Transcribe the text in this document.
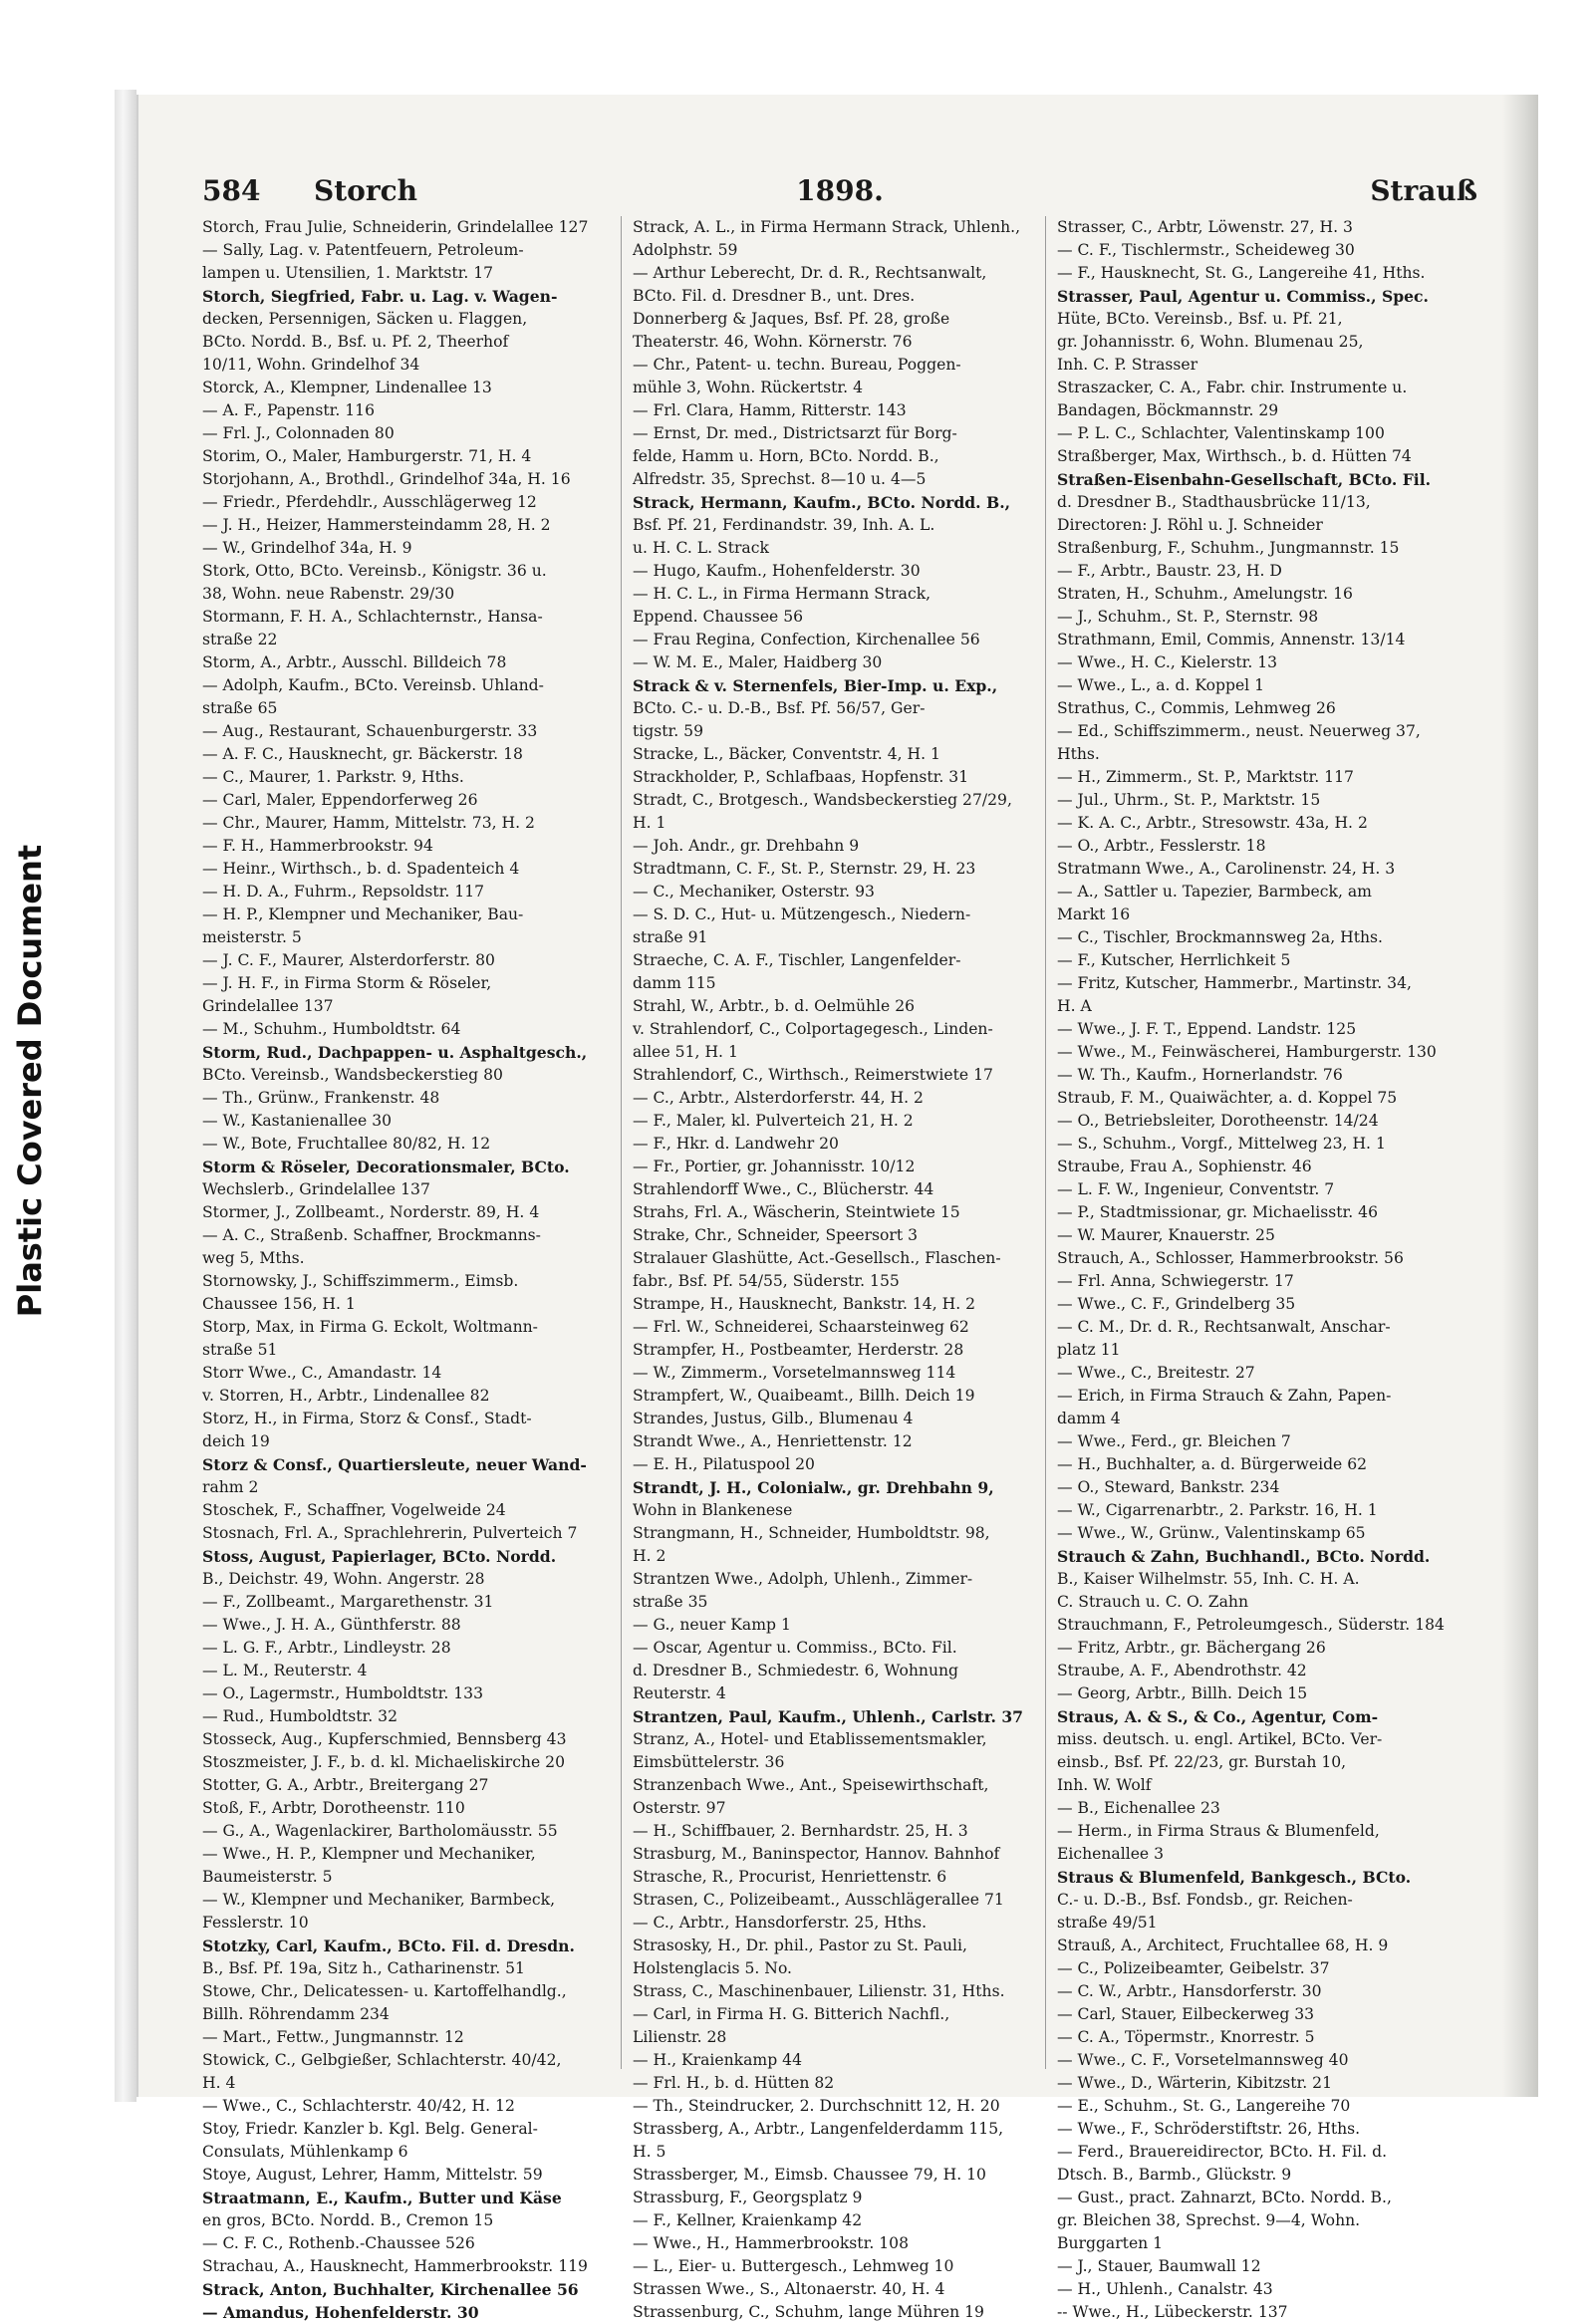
Plastic Covered Document
584 Storch	1898.	Strauß
Storch, Frau Julie, Schneiderin, Grindelallee 127
— Sally, Lag. v. Patentfeuern, Petroleum-
lampen u. Utensilien, 1. Marktstr. 17
Storch, Siegfried, Fabr. u. Lag. v. Wagen-
decken, Persennigen, Säcken u. Flaggen,
BCto. Nordd. B., Bsf. u. Pf. 2, Theerhof
10/11, Wohn. Grindelhof 34
Storck, A., Klempner, Lindenallee 13
— A. F., Papenstr. 116
— Frl. J., Colonnaden 80
Storim, O., Maler, Hamburgerstr. 71, H. 4
Storjohann, A., Brothdl., Grindelhof 34a, H. 16
— Friedr., Pferdehdlr., Ausschlägerweg 12
— J. H., Heizer, Hammersteindamm 28, H. 2
— W., Grindelhof 34a, H. 9
Stork, Otto, BCto. Vereinsb., Königstr. 36 u.
38, Wohn. neue Rabenstr. 29/30
Stormann, F. H. A., Schlachternstr., Hansa-
straße 22
Storm, A., Arbtr., Ausschl. Billdeich 78
— Adolph, Kaufm., BCto. Vereinsb. Uhland-
straße 65
— Aug., Restaurant, Schauenburgerstr. 33
— A. F. C., Hausknecht, gr. Bäckerstr. 18
— C., Maurer, 1. Parkstr. 9, Hths.
— Carl, Maler, Eppendorferweg 26
— Chr., Maurer, Hamm, Mittelstr. 73, H. 2
— F. H., Hammerbrookstr. 94
— Heinr., Wirthsch., b. d. Spadenteich 4
— H. D. A., Fuhrm., Repsoldstr. 117
— H. P., Klempner und Mechaniker, Bau-
meisterstr. 5
— J. C. F., Maurer, Alsterdorferstr. 80
— J. H. F., in Firma Storm & Röseler,
Grindelallee 137
— M., Schuhm., Humboldtstr. 64
Storm, Rud., Dachpappen- u. Asphaltgesch.,
BCto. Vereinsb., Wandsbeckerstieg 80
— Th., Grünw., Frankenstr. 48
— W., Kastanienallee 30
— W., Bote, Fruchtallee 80/82, H. 12
Storm & Röseler, Decorationsmaler, BCto.
Wechslerb., Grindelallee 137
Stormer, J., Zollbeamt., Norderstr. 89, H. 4
— A. C., Straßenb. Schaffner, Brockmanns-
weg 5, Mths.
Stornowsky, J., Schiffszimmerm., Eimsb.
Chaussee 156, H. 1
Storp, Max, in Firma G. Eckolt, Woltmann-
straße 51
Storr Wwe., C., Amandastr. 14
v. Storren, H., Arbtr., Lindenallee 82
Storz, H., in Firma, Storz & Consf., Stadt-
deich 19
Storz & Consf., Quartiersleute, neuer Wand-
rahm 2
Stoschek, F., Schaffner, Vogelweide 24
Stosnach, Frl. A., Sprachlehrerin, Pulverteich 7
Stoss, August, Papierlager, BCto. Nordd.
B., Deichstr. 49, Wohn. Angerstr. 28
— F., Zollbeamt., Margarethenstr. 31
— Wwe., J. H. A., Günthferstr. 88
— L. G. F., Arbtr., Lindleystr. 28
— L. M., Reuterstr. 4
— O., Lagermstr., Humboldtstr. 133
— Rud., Humboldtstr. 32
Stosseck, Aug., Kupferschmied, Bennsberg 43
Stoszmeister, J. F., b. d. kl. Michaeliskirche 20
Stotter, G. A., Arbtr., Breitergang 27
Stoß, F., Arbtr, Dorotheenstr. 110
— G., A., Wagenlackirer, Bartholomäusstr. 55
— Wwe., H. P., Klempner und Mechaniker,
Baumeisterstr. 5
— W., Klempner und Mechaniker, Barmbeck,
Fesslerstr. 10
Stotzky, Carl, Kaufm., BCto. Fil. d. Dresdn.
B., Bsf. Pf. 19a, Sitz h., Catharinenstr. 51
Stowe, Chr., Delicatessen- u. Kartoffelhandlg.,
Billh. Röhrendamm 234
— Mart., Fettw., Jungmannstr. 12
Stowick, C., Gelbgießer, Schlachterstr. 40/42,
H. 4
— Wwe., C., Schlachterstr. 40/42, H. 12
Stoy, Friedr. Kanzler b. Kgl. Belg. General-
Consulats, Mühlenkamp 6
Stoye, August, Lehrer, Hamm, Mittelstr. 59
Straatmann, E., Kaufm., Butter und Käse
en gros, BCto. Nordd. B., Cremon 15
— C. F. C., Rothenb.-Chaussee 526
Strachau, A., Hausknecht, Hammerbrookstr. 119
Strack, Anton, Buchhalter, Kirchenallee 56
— Amandus, Hohenfelderstr. 30
Strack, A. L., in Firma Hermann Strack, Uhlenh.,
Adolphstr. 59
— Arthur Leberecht, Dr. d. R., Rechtsanwalt,
BCto. Fil. d. Dresdner B., unt. Dres.
Donnerberg & Jaques, Bsf. Pf. 28, große
Theaterstr. 46, Wohn. Körnerstr. 76
— Chr., Patent- u. techn. Bureau, Poggen-
mühle 3, Wohn. Rückertstr. 4
— Frl. Clara, Hamm, Ritterstr. 143
— Ernst, Dr. med., Districtsarzt für Borg-
felde, Hamm u. Horn, BCto. Nordd. B.,
Alfredstr. 35, Sprechst. 8—10 u. 4—5
Strack, Hermann, Kaufm., BCto. Nordd. B.,
Bsf. Pf. 21, Ferdinandstr. 39, Inh. A. L.
u. H. C. L. Strack
— Hugo, Kaufm., Hohenfelderstr. 30
— H. C. L., in Firma Hermann Strack,
Eppend. Chaussee 56
— Frau Regina, Confection, Kirchenallee 56
— W. M. E., Maler, Haidberg 30
Strack & v. Sternenfels, Bier-Imp. u. Exp.,
BCto. C.- u. D.-B., Bsf. Pf. 56/57, Ger-
tigstr. 59
Stracke, L., Bäcker, Conventstr. 4, H. 1
Strackholder, P., Schlafbaas, Hopfenstr. 31
Stradt, C., Brotgesch., Wandsbeckerstieg 27/29,
H. 1
— Joh. Andr., gr. Drehbahn 9
Stradtmann, C. F., St. P., Sternstr. 29, H. 23
— C., Mechaniker, Osterstr. 93
— S. D. C., Hut- u. Mützengesch., Niedern-
straße 91
Straeche, C. A. F., Tischler, Langenfelder-
damm 115
Strahl, W., Arbtr., b. d. Oelmühle 26
v. Strahlendorf, C., Colportagegesch., Linden-
allee 51, H. 1
Strahlendorf, C., Wirthsch., Reimerstwiete 17
— C., Arbtr., Alsterdorferstr. 44, H. 2
— F., Maler, kl. Pulverteich 21, H. 2
— F., Hkr. d. Landwehr 20
— Fr., Portier, gr. Johannisstr. 10/12
Strahlendorff Wwe., C., Blücherstr. 44
Strahs, Frl. A., Wäscherin, Steintwiete 15
Strake, Chr., Schneider, Speersort 3
Stralauer Glashütte, Act.-Gesellsch., Flaschen-
fabr., Bsf. Pf. 54/55, Süderstr. 155
Strampe, H., Hausknecht, Bankstr. 14, H. 2
— Frl. W., Schneiderei, Schaarsteinweg 62
Strampfer, H., Postbeamter, Herderstr. 28
— W., Zimmerm., Vorsetelmannsweg 114
Strampfert, W., Quaibeamt., Billh. Deich 19
Strandes, Justus, Gilb., Blumenau 4
Strandt Wwe., A., Henriettenstr. 12
— E. H., Pilatuspool 20
Strandt, J. H., Colonialw., gr. Drehbahn 9,
Wohn in Blankenese
Strangmann, H., Schneider, Humboldtstr. 98,
H. 2
Strantzen Wwe., Adolph, Uhlenh., Zimmer-
straße 35
— G., neuer Kamp 1
— Oscar, Agentur u. Commiss., BCto. Fil.
d. Dresdner B., Schmiedestr. 6, Wohnung
Reuterstr. 4
Strantzen, Paul, Kaufm., Uhlenh., Carlstr. 37
Stranz, A., Hotel- und Etablissementsmakler,
Eimsbüttelerstr. 36
Stranzenbach Wwe., Ant., Speisewirthschaft,
Osterstr. 97
— H., Schiffbauer, 2. Bernhardstr. 25, H. 3
Strasburg, M., Baninspector, Hannov. Bahnhof
Strasche, R., Procurist, Henriettenstr. 6
Strasen, C., Polizeibeamt., Ausschlägerallee 71
— C., Arbtr., Hansdorferstr. 25, Hths.
Strasosky, H., Dr. phil., Pastor zu St. Pauli,
Holstenglacis 5. No.
Strass, C., Maschinenbauer, Lilienstr. 31, Hths.
— Carl, in Firma H. G. Bitterich Nachfl.,
Lilienstr. 28
— H., Kraienkamp 44
— Frl. H., b. d. Hütten 82
— Th., Steindrucker, 2. Durchschnitt 12, H. 20
Strassberg, A., Arbtr., Langenfelderdamm 115,
H. 5
Strassberger, M., Eimsb. Chaussee 79, H. 10
Strassburg, F., Georgsplatz 9
— F., Kellner, Kraienkamp 42
— Wwe., H., Hammerbrookstr. 108
— L., Eier- u. Buttergesch., Lehmweg 10
Strassen Wwe., S., Altonaerstr. 40, H. 4
Strassenburg, C., Schuhm, lange Mühren 19
Strasser, C., Arbtr, Löwenstr. 27, H. 3
— C. F., Tischlermstr., Scheideweg 30
— F., Hausknecht, St. G., Langereihe 41, Hths.
Strasser, Paul, Agentur u. Commiss., Spec.
Hüte, BCto. Vereinsb., Bsf. u. Pf. 21,
gr. Johannisstr. 6, Wohn. Blumenau 25,
Inh. C. P. Strasser
Straszacker, C. A., Fabr. chir. Instrumente u.
Bandagen, Böckmannstr. 29
— P. L. C., Schlachter, Valentinskamp 100
Straßberger, Max, Wirthsch., b. d. Hütten 74
Straßen-Eisenbahn-Gesellschaft, BCto. Fil.
d. Dresdner B., Stadthausbrücke 11/13,
Directoren: J. Röhl u. J. Schneider
Straßenburg, F., Schuhm., Jungmannstr. 15
— F., Arbtr., Baustr. 23, H. D
Straten, H., Schuhm., Amelungstr. 16
— J., Schuhm., St. P., Sternstr. 98
Strathmann, Emil, Commis, Annenstr. 13/14
— Wwe., H. C., Kielerstr. 13
— Wwe., L., a. d. Koppel 1
Strathus, C., Commis, Lehmweg 26
— Ed., Schiffszimmerm., neust. Neuerweg 37,
Hths.
— H., Zimmerm., St. P., Marktstr. 117
— Jul., Uhrm., St. P., Marktstr. 15
— K. A. C., Arbtr., Stresowstr. 43a, H. 2
— O., Arbtr., Fesslerstr. 18
Stratmann Wwe., A., Carolinenstr. 24, H. 3
— A., Sattler u. Tapezier, Barmbeck, am
Markt 16
— C., Tischler, Brockmannsweg 2a, Hths.
— F., Kutscher, Herrlichkeit 5
— Fritz, Kutscher, Hammerbr., Martinstr. 34,
H. A
— Wwe., J. F. T., Eppend. Landstr. 125
— Wwe., M., Feinwäscherei, Hamburgerstr. 130
— W. Th., Kaufm., Hornerlandstr. 76
Straub, F. M., Quaiwächter, a. d. Koppel 75
— O., Betriebsleiter, Dorotheenstr. 14/24
— S., Schuhm., Vorgf., Mittelweg 23, H. 1
Straube, Frau A., Sophienstr. 46
— L. F. W., Ingenieur, Conventstr. 7
— P., Stadtmissionar, gr. Michaelisstr. 46
— W. Maurer, Knauerstr. 25
Strauch, A., Schlosser, Hammerbrookstr. 56
— Frl. Anna, Schwiegerstr. 17
— Wwe., C. F., Grindelberg 35
— C. M., Dr. d. R., Rechtsanwalt, Anschar-
platz 11
— Wwe., C., Breitestr. 27
— Erich, in Firma Strauch & Zahn, Papen-
damm 4
— Wwe., Ferd., gr. Bleichen 7
— H., Buchhalter, a. d. Bürgerweide 62
— O., Steward, Bankstr. 234
— W., Cigarrenarbtr., 2. Parkstr. 16, H. 1
— Wwe., W., Grünw., Valentinskamp 65
Strauch & Zahn, Buchhandl., BCto. Nordd.
B., Kaiser Wilhelmstr. 55, Inh. C. H. A.
C. Strauch u. C. O. Zahn
Strauchmann, F., Petroleumgesch., Süderstr. 184
— Fritz, Arbtr., gr. Bächergang 26
Straube, A. F., Abendrothstr. 42
— Georg, Arbtr., Billh. Deich 15
Straus, A. & S., & Co., Agentur, Com-
miss. deutsch. u. engl. Artikel, BCto. Ver-
einsb., Bsf. Pf. 22/23, gr. Burstah 10,
Inh. W. Wolf
— B., Eichenallee 23
— Herm., in Firma Straus & Blumenfeld,
Eichenallee 3
Straus & Blumenfeld, Bankgesch., BCto.
C.- u. D.-B., Bsf. Fondsb., gr. Reichen-
straße 49/51
Strauß, A., Architect, Fruchtallee 68, H. 9
— C., Polizeibeamter, Geibelstr. 37
— C. W., Arbtr., Hansdorferstr. 30
— Carl, Stauer, Eilbeckerweg 33
— C. A., Töpermstr., Knorrestr. 5
— Wwe., C. F., Vorsetelmannsweg 40
— Wwe., D., Wärterin, Kibitzstr. 21
— E., Schuhm., St. G., Langereihe 70
— Wwe., F., Schröderstiftstr. 26, Hths.
— Ferd., Brauereidirector, BCto. H. Fil. d.
Dtsch. B., Barmb., Glückstr. 9
— Gust., pract. Zahnarzt, BCto. Nordd. B.,
gr. Bleichen 38, Sprechst. 9—4, Wohn.
Burggarten 1
— J., Stauer, Baumwall 12
— H., Uhlenh., Canalstr. 43
-- Wwe., H., Lübeckerstr. 137
